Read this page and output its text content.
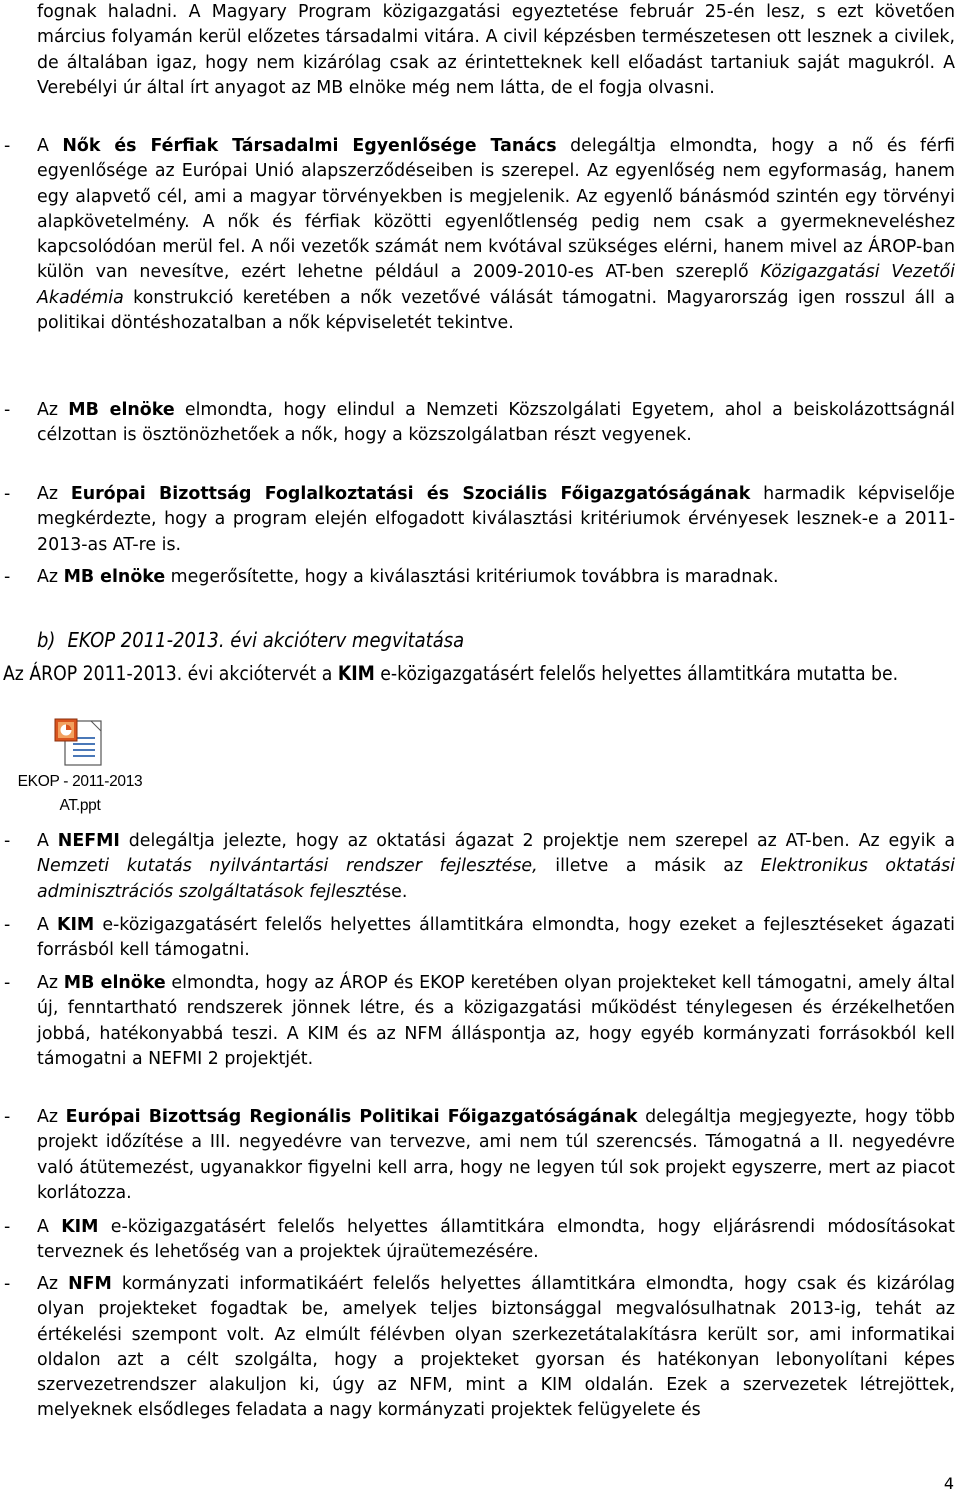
fognak haladni. A Magyary Program közigazgatási egyeztetése február 25-én lesz, s ezt követően március folyamán kerül előzetes társadalmi vitára. A civil képzésben természetesen ott lesznek a civilek, de általában igaz, hogy nem kizárólag csak az érintetteknek kell előadást tartaniuk saját magukról. A Verebélyi úr által írt anyagot az MB elnöke még nem látta, de el fogja olvasni.

- A Nők és Férfiak Társadalmi Egyenlősége Tanács delegáltja elmondta, hogy a nő és férfi egyenlősége az Európai Unió alapszerződéseiben is szerepel. Az egyenlőség nem egyformaság, hanem egy alapvető cél, ami a magyar törvényekben is megjelenik. Az egyenlő bánásmód szintén egy törvényi alapkövetelmény. A nők és férfiak közötti egyenlőtlenség pedig nem csak a gyermekneveléshez kapcsolódóan merül fel. A női vezetők számát nem kvótával szükséges elérni, hanem mivel az ÁROP-ban külön van nevesítve, ezért lehetne például a 2009-2010-es AT-ben szereplő Közigazgatási Vezetői Akadémia konstrukció keretében a nők vezetővé válását támogatni. Magyarország igen rosszul áll a politikai döntéshozatalban a nők képviseletét tekintve.
- Az MB elnöke elmondta, hogy elindul a Nemzeti Közszolgálati Egyetem, ahol a beiskolázottságnál célzottan is ösztönözhetőek a nők, hogy a közszolgálatban részt vegyenek.
- Az Európai Bizottság Foglalkoztatási és Szociális Főigazgatóságának harmadik képviselője megkérdezte, hogy a program elején elfogadott kiválasztási kritériumok érvényesek lesznek-e a 2011-2013-as AT-re is.
- Az MB elnöke megerősítette, hogy a kiválasztási kritériumok továbbra is maradnak.
b) EKOP 2011-2013. évi akcióterv megvitatása

Az ÁROP 2011-2013. évi akciótervét a KIM e-közigazgatásért felelős helyettes államtitkára mutatta be.

EKOP - 2011-2013
AT.ppt
- A NEFMI delegáltja jelezte, hogy az oktatási ágazat 2 projektje nem szerepel az AT-ben. Az egyik a Nemzeti kutatás nyilvántartási rendszer fejlesztése, illetve a másik az Elektronikus oktatási adminisztrációs szolgáltatások fejlesztése.
- A KIM e-közigazgatásért felelős helyettes államtitkára elmondta, hogy ezeket a fejlesztéseket ágazati forrásból kell támogatni.
- Az MB elnöke elmondta, hogy az ÁROP és EKOP keretében olyan projekteket kell támogatni, amely által új, fenntartható rendszerek jönnek létre, és a közigazgatási működést ténylegesen és érzékelhetően jobbá, hatékonyabbá teszi. A KIM és az NFM álláspontja az, hogy egyéb kormányzati forrásokból kell támogatni a NEFMI 2 projektjét.
- Az Európai Bizottság Regionális Politikai Főigazgatóságának delegáltja megjegyezte, hogy több projekt időzítése a III. negyedévre van tervezve, ami nem túl szerencsés. Támogatná a II. negyedévre való átütemezést, ugyanakkor figyelni kell arra, hogy ne legyen túl sok projekt egyszerre, mert az piacot korlátozza.
- A KIM e-közigazgatásért felelős helyettes államtitkára elmondta, hogy eljárásrendi módosításokat terveznek és lehetőség van a projektek újraütemezésére.
- Az NFM kormányzati informatikáért felelős helyettes államtitkára elmondta, hogy csak és kizárólag olyan projekteket fogadtak be, amelyek teljes biztonsággal megvalósulhatnak 2013-ig, tehát az értékelési szempont volt. Az elmúlt félévben olyan szerkezetátalakításra került sor, ami informatikai oldalon azt a célt szolgálta, hogy a projekteket gyorsan és hatékonyan lebonyolítani képes szervezetrendszer alakuljon ki, úgy az NFM, mint a KIM oldalán. Ezek a szervezetek létrejöttek, melyeknek elsődleges feladata a nagy kormányzati projektek felügyelete és
4
